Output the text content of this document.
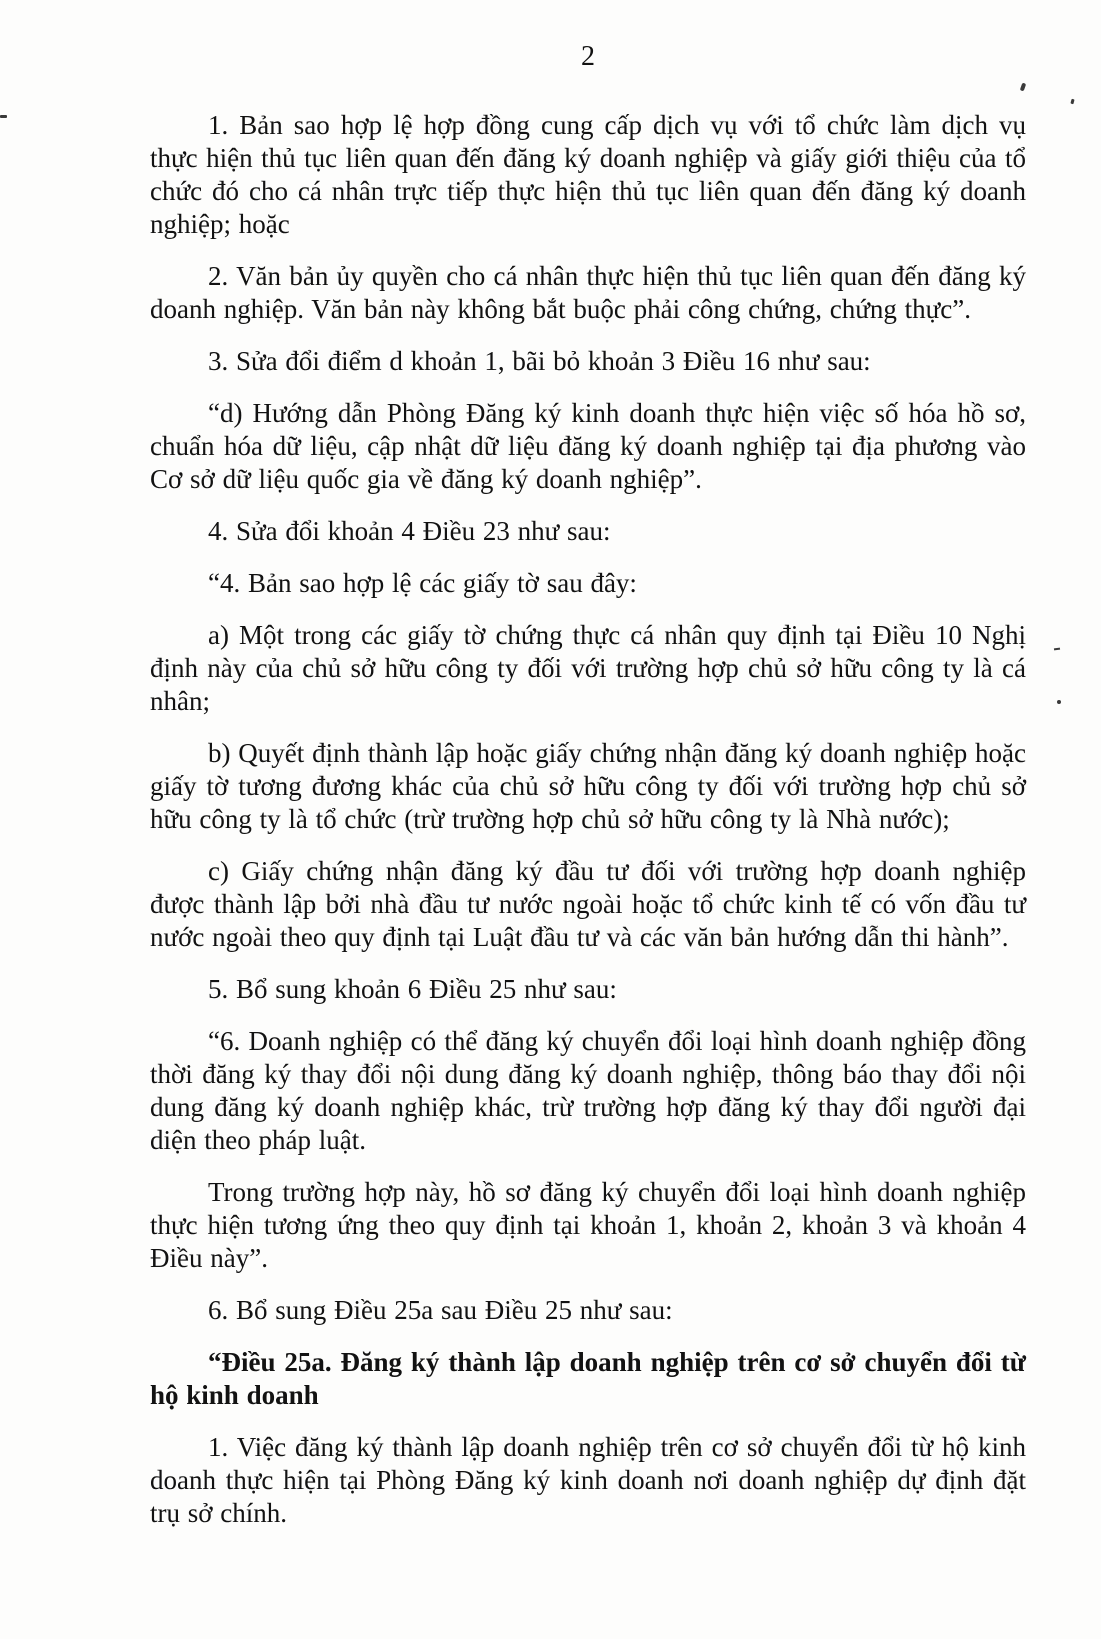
2

1. Bản sao hợp lệ hợp đồng cung cấp dịch vụ với tổ chức làm dịch vụ thực hiện thủ tục liên quan đến đăng ký doanh nghiệp và giấy giới thiệu của tổ chức đó cho cá nhân trực tiếp thực hiện thủ tục liên quan đến đăng ký doanh nghiệp; hoặc

2. Văn bản ủy quyền cho cá nhân thực hiện thủ tục liên quan đến đăng ký doanh nghiệp. Văn bản này không bắt buộc phải công chứng, chứng thực”.

3. Sửa đổi điểm d khoản 1, bãi bỏ khoản 3 Điều 16 như sau:

“d) Hướng dẫn Phòng Đăng ký kinh doanh thực hiện việc số hóa hồ sơ, chuẩn hóa dữ liệu, cập nhật dữ liệu đăng ký doanh nghiệp tại địa phương vào Cơ sở dữ liệu quốc gia về đăng ký doanh nghiệp”.

4. Sửa đổi khoản 4 Điều 23 như sau:

“4. Bản sao hợp lệ các giấy tờ sau đây:

a) Một trong các giấy tờ chứng thực cá nhân quy định tại Điều 10 Nghị định này của chủ sở hữu công ty đối với trường hợp chủ sở hữu công ty là cá nhân;

b) Quyết định thành lập hoặc giấy chứng nhận đăng ký doanh nghiệp hoặc giấy tờ tương đương khác của chủ sở hữu công ty đối với trường hợp chủ sở hữu công ty là tổ chức (trừ trường hợp chủ sở hữu công ty là Nhà nước);

c) Giấy chứng nhận đăng ký đầu tư đối với trường hợp doanh nghiệp được thành lập bởi nhà đầu tư nước ngoài hoặc tổ chức kinh tế có vốn đầu tư nước ngoài theo quy định tại Luật đầu tư và các văn bản hướng dẫn thi hành”.

5. Bổ sung khoản 6 Điều 25 như sau:

“6. Doanh nghiệp có thể đăng ký chuyển đổi loại hình doanh nghiệp đồng thời đăng ký thay đổi nội dung đăng ký doanh nghiệp, thông báo thay đổi nội dung đăng ký doanh nghiệp khác, trừ trường hợp đăng ký thay đổi người đại diện theo pháp luật.

Trong trường hợp này, hồ sơ đăng ký chuyển đổi loại hình doanh nghiệp thực hiện tương ứng theo quy định tại khoản 1, khoản 2, khoản 3 và khoản 4 Điều này”.

6. Bổ sung Điều 25a sau Điều 25 như sau:

“Điều 25a. Đăng ký thành lập doanh nghiệp trên cơ sở chuyển đổi từ hộ kinh doanh

1. Việc đăng ký thành lập doanh nghiệp trên cơ sở chuyển đổi từ hộ kinh doanh thực hiện tại Phòng Đăng ký kinh doanh nơi doanh nghiệp dự định đặt trụ sở chính.
